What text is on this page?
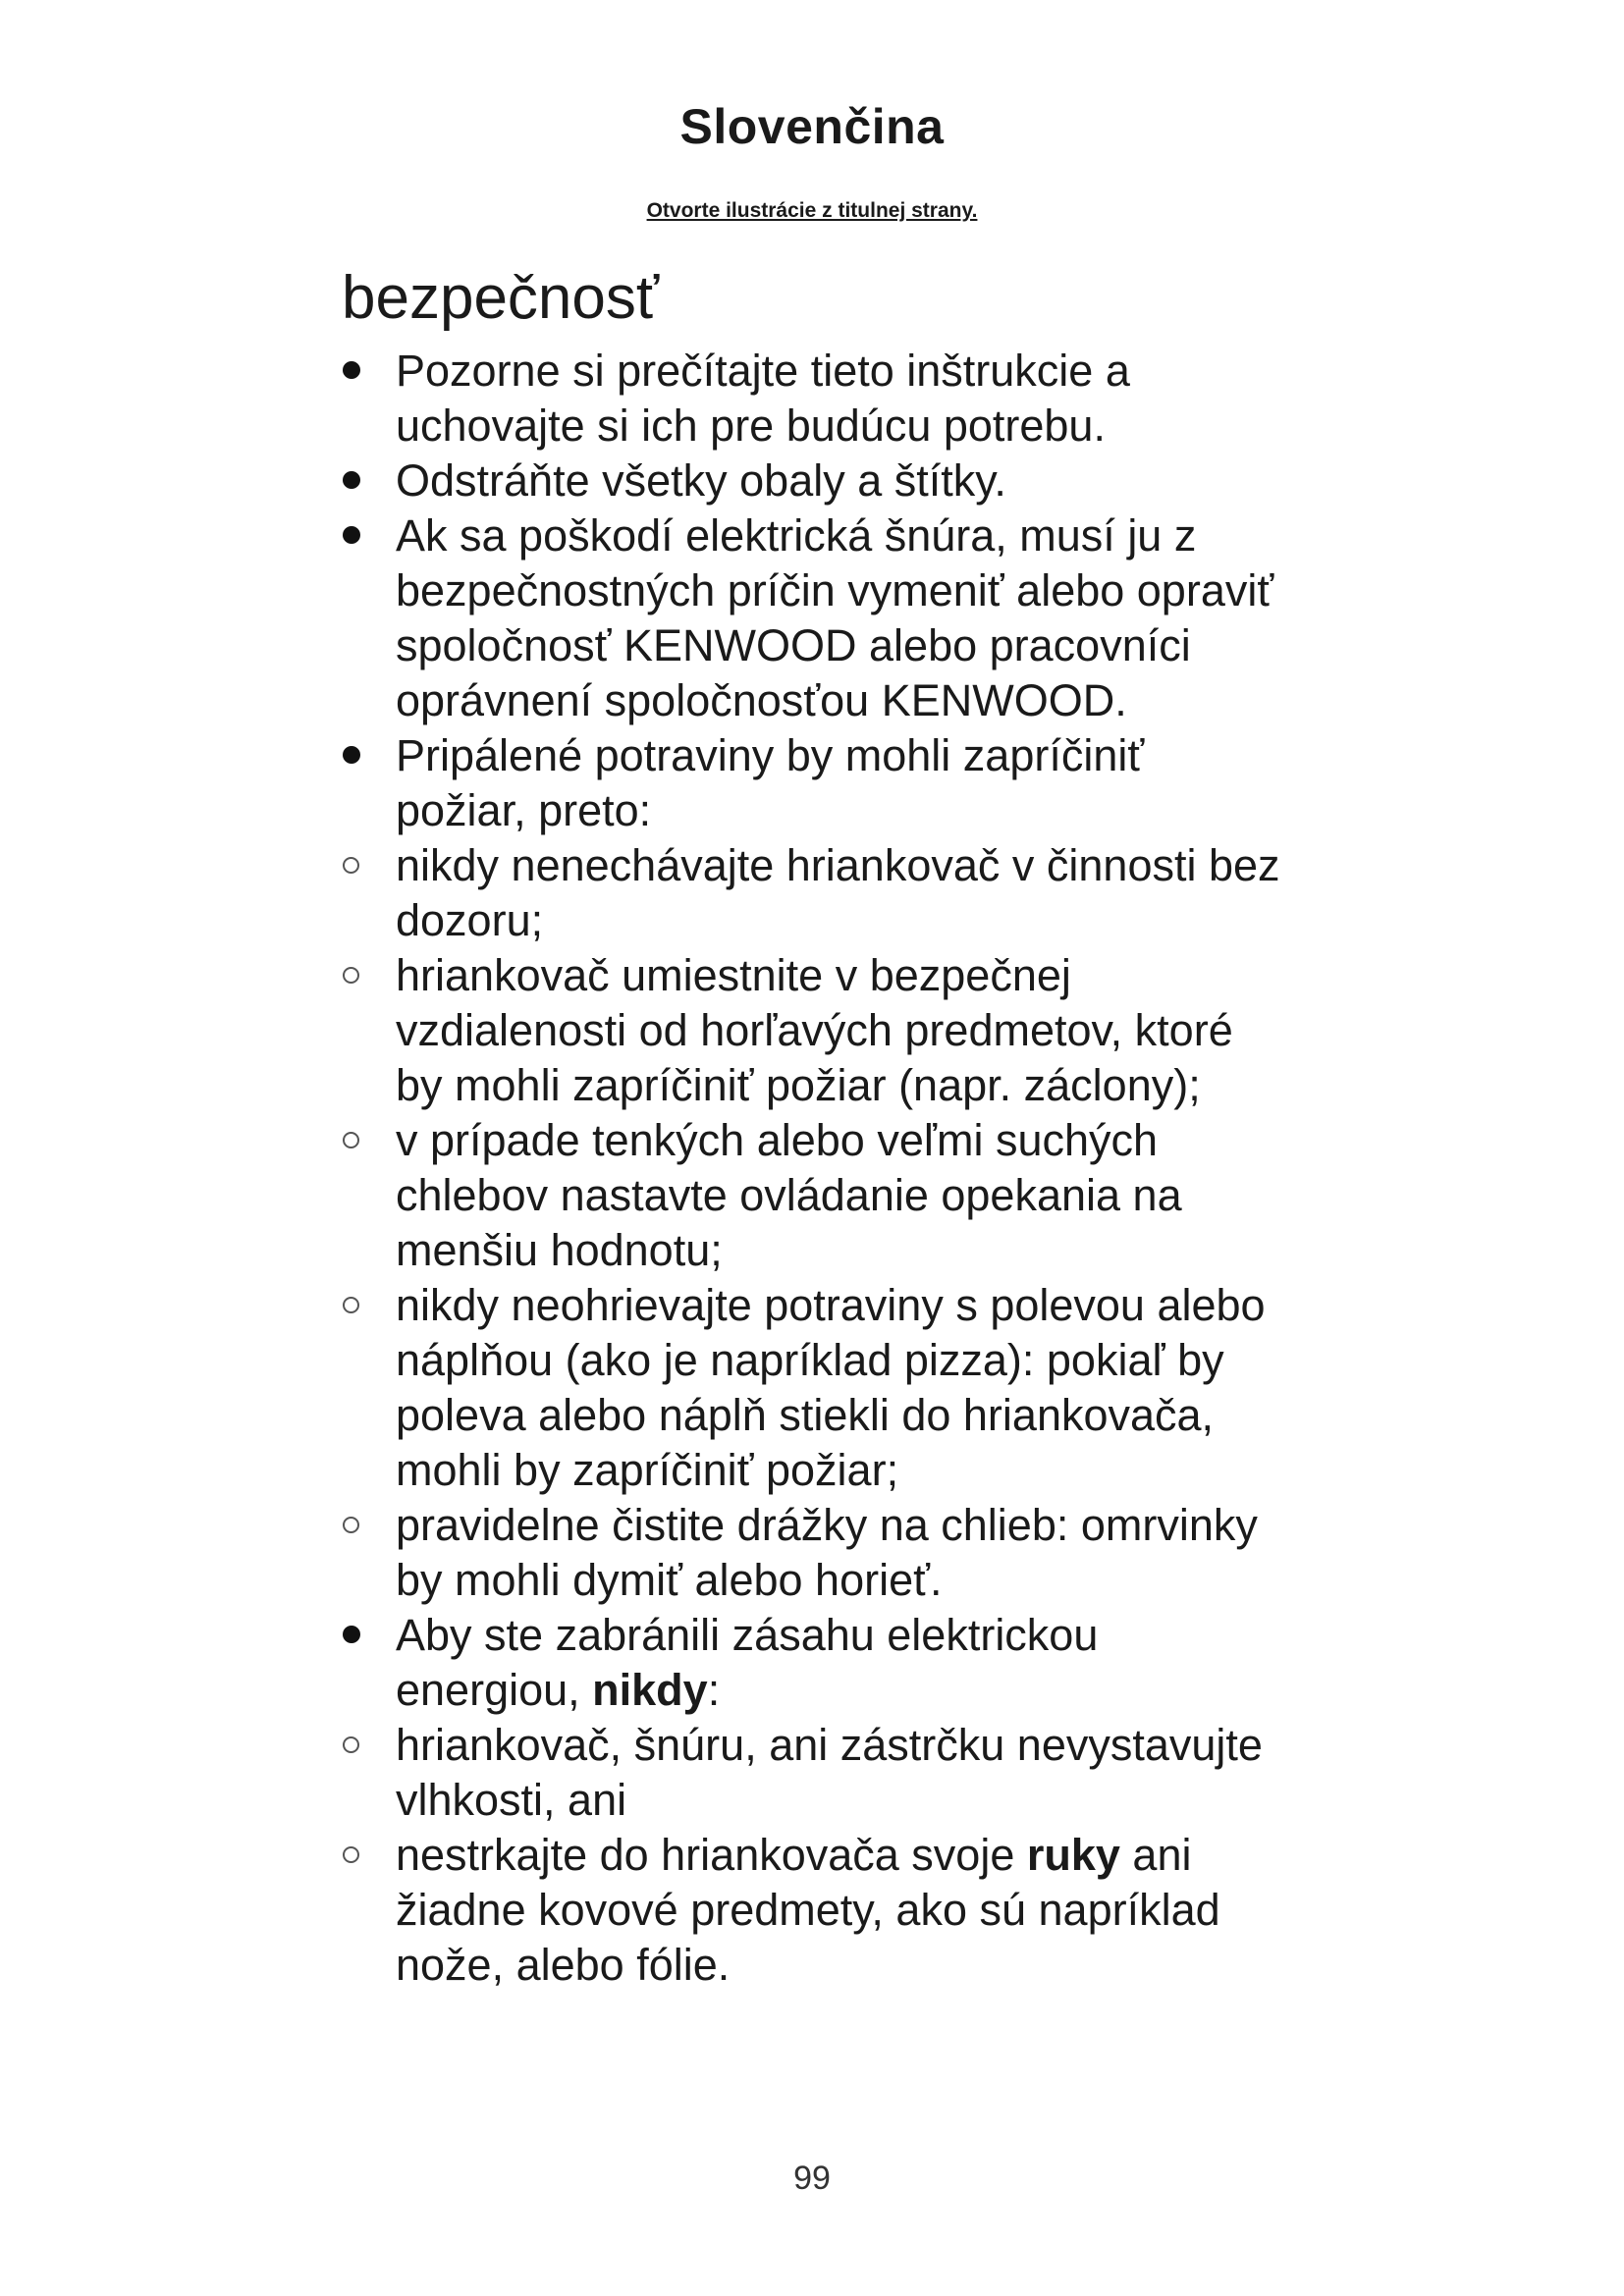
Slovenčina
Otvorte ilustrácie z titulnej strany.
bezpečnosť
Pozorne si prečítajte tieto inštrukcie a uchovajte si ich pre budúcu potrebu.
Odstráňte všetky obaly a štítky.
Ak sa poškodí elektrická šnúra, musí ju z bezpečnostných príčin vymeniť alebo opraviť spoločnosť KENWOOD alebo pracovníci oprávnení spoločnosťou KENWOOD.
Pripálené potraviny by mohli zapríčiniť požiar, preto:
nikdy nenechávajte hriankovač v činnosti bez dozoru;
hriankovač umiestnite v bezpečnej vzdialenosti od horľavých predmetov, ktoré by mohli zapríčiniť požiar (napr. záclony);
v prípade tenkých alebo veľmi suchých chlebov nastavte ovládanie opekania na menšiu hodnotu;
nikdy neohrievajte potraviny s polevou alebo náplňou (ako je napríklad pizza): pokiaľ by poleva alebo náplň stiekli do hriankovača, mohli by zapríčiniť požiar;
pravidelne čistite drážky na chlieb: omrvinky by mohli dymiť alebo horieť.
Aby ste zabránili zásahu elektrickou energiou, nikdy:
hriankovač, šnúru, ani zástrčku nevystavujte vlhkosti, ani
nestrkajte do hriankovača svoje ruky ani žiadne kovové predmety, ako sú napríklad nože, alebo fólie.
99
